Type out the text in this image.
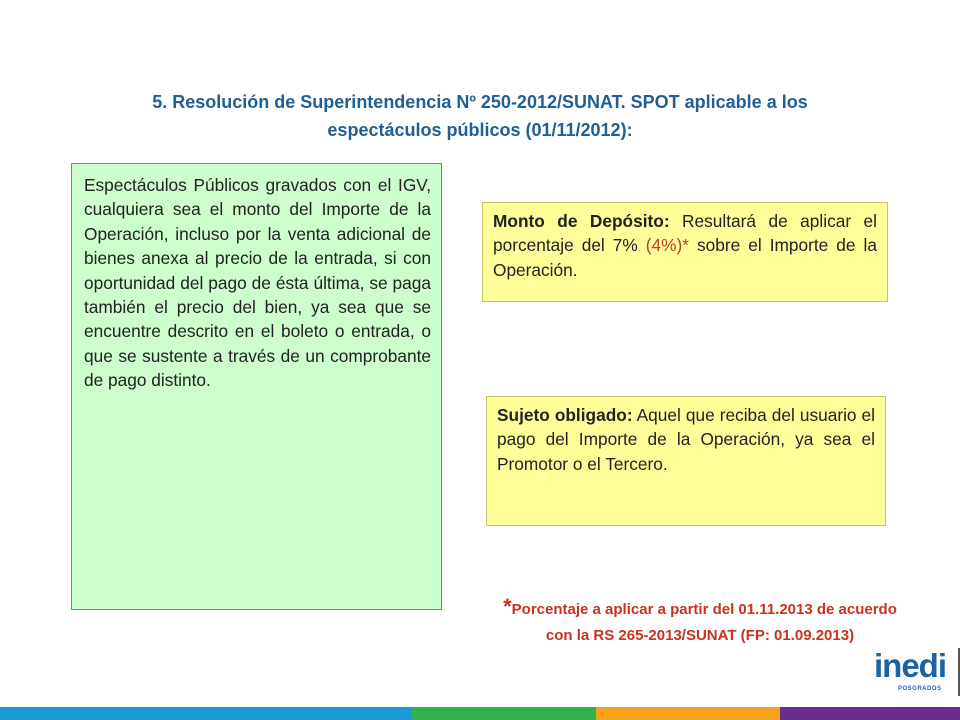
5. Resolución de Superintendencia Nº 250-2012/SUNAT. SPOT aplicable a los
espectáculos públicos (01/11/2012):
Espectáculos Públicos gravados con el IGV, cualquiera sea el monto del Importe de la Operación, incluso por la venta adicional de bienes anexa al precio de la entrada, si con oportunidad del pago de ésta última, se paga también el precio del bien, ya sea que se encuentre descrito en el boleto o entrada, o que se sustente a través de un comprobante de pago distinto.
Monto de Depósito: Resultará de aplicar el porcentaje del 7% (4%)* sobre el Importe de la Operación.
Sujeto obligado: Aquel que reciba del usuario el pago del Importe de la Operación, ya sea el Promotor o el Tercero.
*Porcentaje a aplicar a partir del 01.11.2013 de acuerdo
con la RS 265-2013/SUNAT (FP: 01.09.2013)
inedi
POSGRADOS
